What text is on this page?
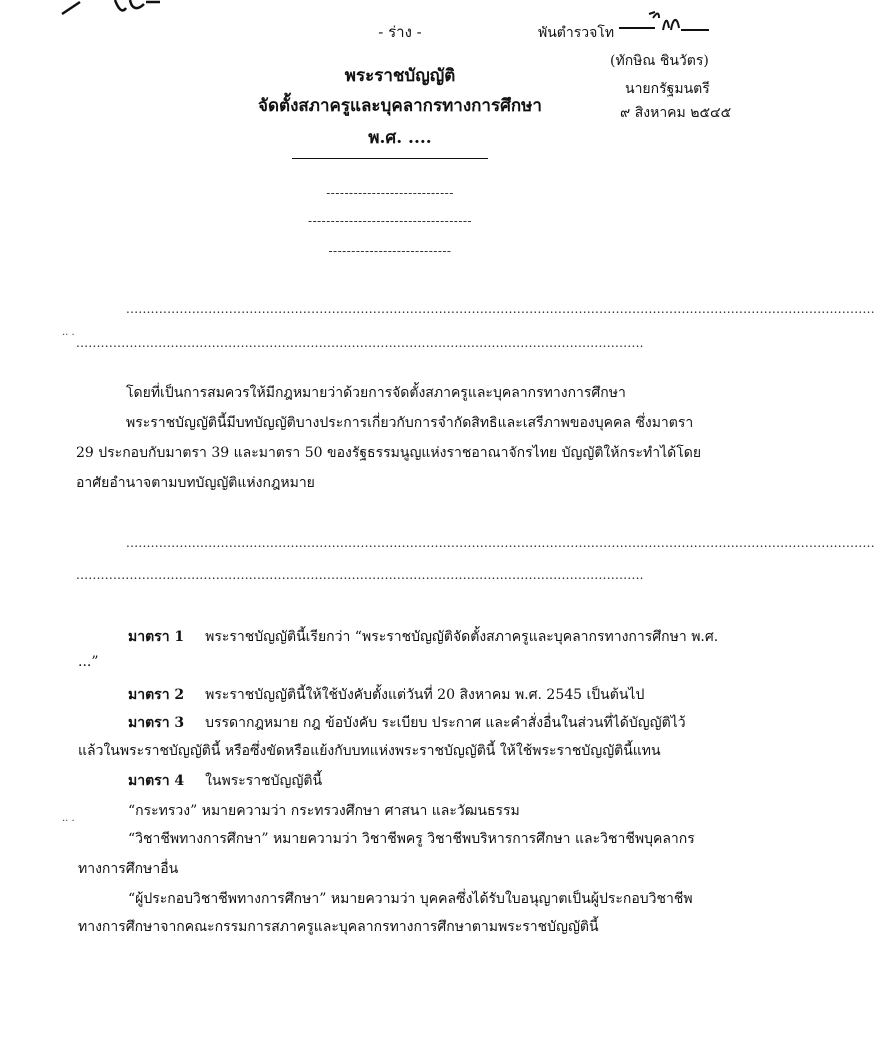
- ร่าง -
พระราชบัญญัติ
จัดตั้งสภาครูและบุคลากรทางการศึกษา
พ.ศ. ....
----------------------------
------------------------------------
---------------------------
พันตำรวจโท
(ทักษิณ ชินวัตร)
นายกรัฐมนตรี
๙ สิงหาคม ๒๕๔๕
......................................................................................................................................................................................
·· ·
..........................................................................................................................................
โดยที่เป็นการสมควรให้มีกฎหมายว่าด้วยการจัดตั้งสภาครูและบุคลากรทางการศึกษา
พระราชบัญญัตินี้มีบทบัญญัติบางประการเกี่ยวกับการจำกัดสิทธิและเสรีภาพของบุคคล ซึ่งมาตรา
29 ประกอบกับมาตรา 39 และมาตรา 50 ของรัฐธรรมนูญแห่งราชอาณาจักรไทย บัญญัติให้กระทำได้โดย
อาศัยอำนาจตามบทบัญญัติแห่งกฎหมาย
......................................................................................................................................................................................
..........................................................................................................................................
มาตรา 1 พระราชบัญญัตินี้เรียกว่า “พระราชบัญญัติจัดตั้งสภาครูและบุคลากรทางการศึกษา พ.ศ.
...”
มาตรา 2 พระราชบัญญัตินี้ให้ใช้บังคับตั้งแต่วันที่ 20 สิงหาคม พ.ศ. 2545 เป็นต้นไป
มาตรา 3 บรรดากฎหมาย กฎ ข้อบังคับ ระเบียบ ประกาศ และคำสั่งอื่นในส่วนที่ได้บัญญัติไว้
แล้วในพระราชบัญญัตินี้ หรือซึ่งขัดหรือแย้งกับบทแห่งพระราชบัญญัตินี้ ให้ใช้พระราชบัญญัตินี้แทน
มาตรา 4 ในพระราชบัญญัตินี้
“กระทรวง” หมายความว่า กระทรวงศึกษา ศาสนา และวัฒนธรรม
·· ·
“วิชาชีพทางการศึกษา” หมายความว่า วิชาชีพครู วิชาชีพบริหารการศึกษา และวิชาชีพบุคลากร
ทางการศึกษาอื่น
“ผู้ประกอบวิชาชีพทางการศึกษา” หมายความว่า บุคคลซึ่งได้รับใบอนุญาตเป็นผู้ประกอบวิชาชีพ
ทางการศึกษาจากคณะกรรมการสภาครูและบุคลากรทางการศึกษาตามพระราชบัญญัตินี้
